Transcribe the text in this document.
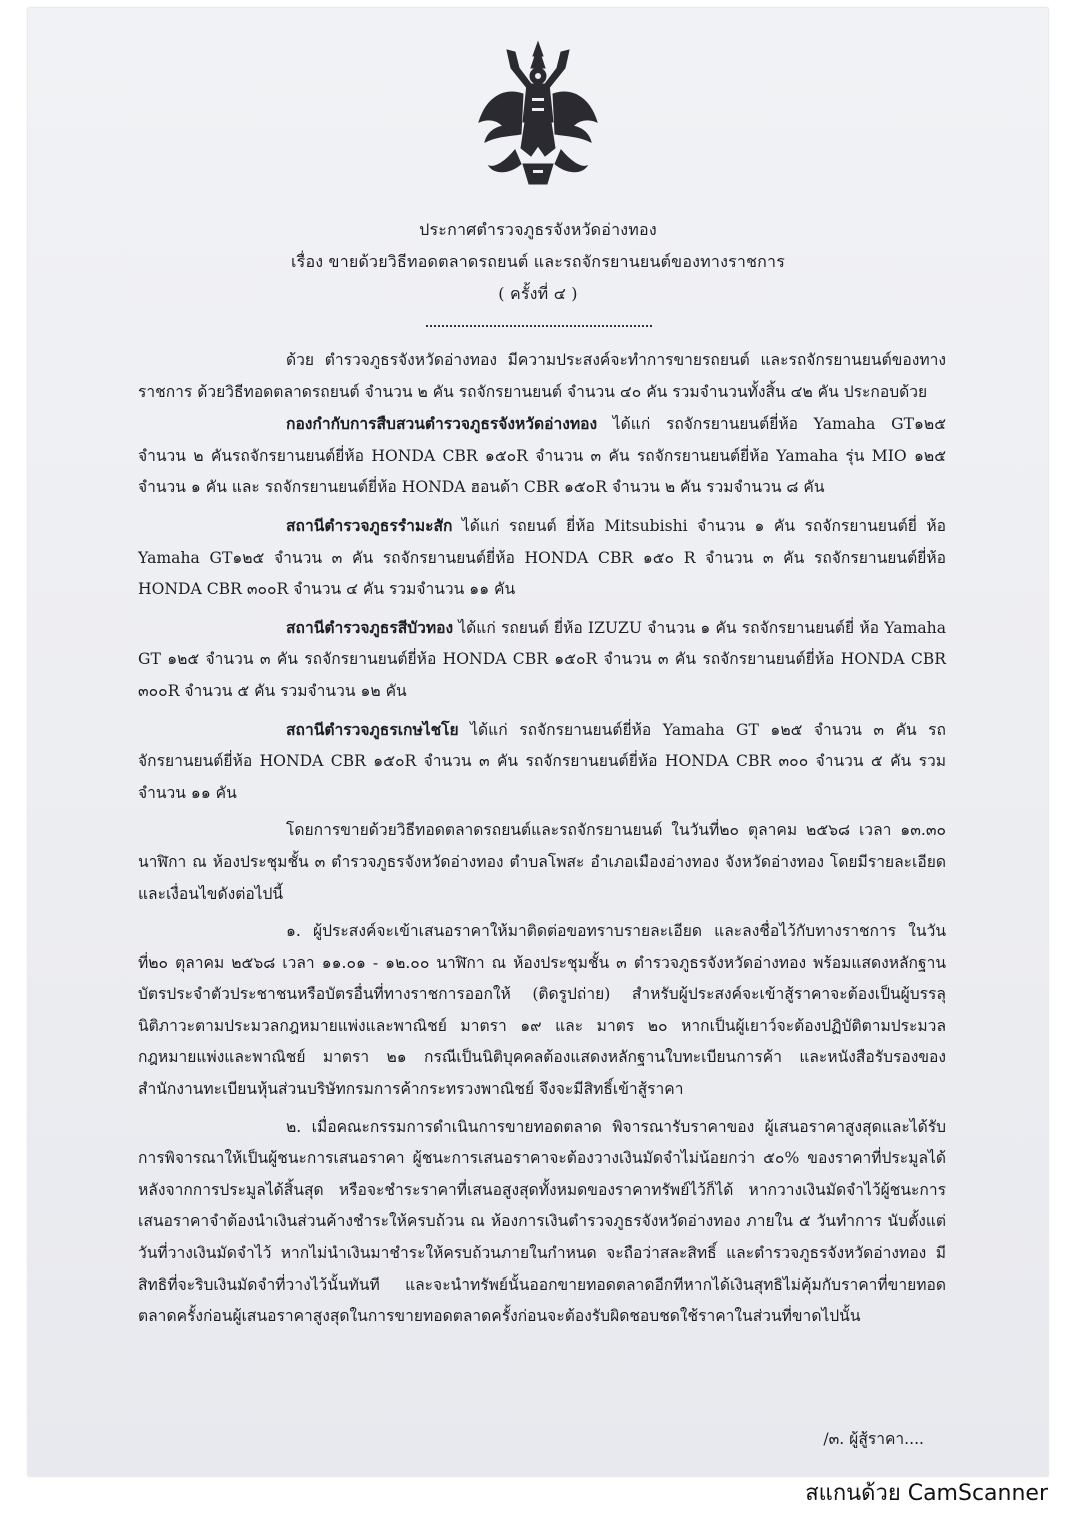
ประกาศตำรวจภูธรจังหวัดอ่างทอง
เรื่อง ขายด้วยวิธีทอดตลาดรถยนต์ และรถจักรยานยนต์ของทางราชการ
( ครั้งที่ ๔ )

ด้วย ตำรวจภูธรจังหวัดอ่างทอง มีความประสงค์จะทำการขายรถยนต์ และรถจักรยานยนต์ของทางราชการ ด้วยวิธีทอดตลาดรถยนต์ จำนวน ๒ คัน รถจักรยานยนต์ จำนวน ๔๐ คัน รวมจำนวนทั้งสิ้น ๔๒ คัน ประกอบด้วย

กองกำกับการสืบสวนตำรวจภูธรจังหวัดอ่างทอง ได้แก่ รถจักรยานยนต์ยี่ห้อ Yamaha GT๑๒๕ จำนวน ๒ คันรถจักรยานยนต์ยี่ห้อ HONDA CBR ๑๕๐R จำนวน ๓ คัน รถจักรยานยนต์ยี่ห้อ Yamaha รุ่น MIO ๑๒๕ จำนวน ๑ คัน และ รถจักรยานยนต์ยี่ห้อ HONDA ฮอนด้า CBR ๑๕๐R จำนวน ๒ คัน รวมจำนวน ๘ คัน

สถานีตำรวจภูธรรำมะสัก ได้แก่ รถยนต์ ยี่ห้อ Mitsubishi จำนวน ๑ คัน รถจักรยานยนต์ยี่ ห้อ Yamaha GT๑๒๕ จำนวน ๓ คัน รถจักรยานยนต์ยี่ห้อ HONDA CBR ๑๕๐ R จำนวน ๓ คัน รถจักรยานยนต์ยี่ห้อ HONDA CBR ๓๐๐R จำนวน ๔ คัน รวมจำนวน ๑๑ คัน

สถานีตำรวจภูธรสีบัวทอง ได้แก่ รถยนต์ ยี่ห้อ IZUZU จำนวน ๑ คัน รถจักรยานยนต์ยี่ ห้อ Yamaha GT ๑๒๕ จำนวน ๓ คัน รถจักรยานยนต์ยี่ห้อ HONDA CBR ๑๕๐R จำนวน ๓ คัน รถจักรยานยนต์ยี่ห้อ HONDA CBR ๓๐๐R จำนวน ๕ คัน รวมจำนวน ๑๒ คัน

สถานีตำรวจภูธรเกษไชโย ได้แก่ รถจักรยานยนต์ยี่ห้อ Yamaha GT ๑๒๕ จำนวน ๓ คัน รถจักรยานยนต์ยี่ห้อ HONDA CBR ๑๕๐R จำนวน ๓ คัน รถจักรยานยนต์ยี่ห้อ HONDA CBR ๓๐๐ จำนวน ๕ คัน รวมจำนวน ๑๑ คัน

โดยการขายด้วยวิธีทอดตลาดรถยนต์และรถจักรยานยนต์ ในวันที่๒๐ ตุลาคม ๒๕๖๘ เวลา ๑๓.๓๐ นาฬิกา ณ ห้องประชุมชั้น ๓ ตำรวจภูธรจังหวัดอ่างทอง ตำบลโพสะ อำเภอเมืองอ่างทอง จังหวัดอ่างทอง โดยมีรายละเอียดและเงื่อนไขดังต่อไปนี้

๑. ผู้ประสงค์จะเข้าเสนอราคาให้มาติดต่อขอทราบรายละเอียด และลงชื่อไว้กับทางราชการ ในวันที่๒๐ ตุลาคม ๒๕๖๘ เวลา ๑๑.๐๑ - ๑๒.๐๐ นาฬิกา ณ ห้องประชุมชั้น ๓ ตำรวจภูธรจังหวัดอ่างทอง พร้อมแสดงหลักฐานบัตรประจำตัวประชาชนหรือบัตรอื่นที่ทางราชการออกให้ (ติดรูปถ่าย) สำหรับผู้ประสงค์จะเข้าสู้ราคาจะต้องเป็นผู้บรรลุนิติภาวะตามประมวลกฎหมายแพ่งและพาณิชย์ มาตรา ๑๙ และ มาตร ๒๐ หากเป็นผู้เยาว์จะต้องปฏิบัติตามประมวลกฎหมายแพ่งและพาณิชย์ มาตรา ๒๑ กรณีเป็นนิติบุคคลต้องแสดงหลักฐานใบทะเบียนการค้า และหนังสือรับรองของสำนักงานทะเบียนหุ้นส่วนบริษัทกรมการค้ากระทรวงพาณิชย์ จึงจะมีสิทธิ์เข้าสู้ราคา

๒. เมื่อคณะกรรมการดำเนินการขายทอดตลาด พิจารณารับราคาของ ผู้เสนอราคาสูงสุดและได้รับการพิจารณาให้เป็นผู้ชนะการเสนอราคา ผู้ชนะการเสนอราคาจะต้องวางเงินมัดจำไม่น้อยกว่า ๕๐% ของราคาที่ประมูลได้หลังจากการประมูลได้สิ้นสุด หรือจะชำระราคาที่เสนอสูงสุดทั้งหมดของราคาทรัพย์ไว้ก็ได้ หากวางเงินมัดจำไว้ผู้ชนะการเสนอราคาจำต้องนำเงินส่วนค้างชำระให้ครบถ้วน ณ ห้องการเงินตำรวจภูธรจังหวัดอ่างทอง ภายใน ๕ วันทำการ นับตั้งแต่วันที่วางเงินมัดจำไว้ หากไม่นำเงินมาชำระให้ครบถ้วนภายในกำหนด จะถือว่าสละสิทธิ์ และตำรวจภูธรจังหวัดอ่างทอง มีสิทธิที่จะริบเงินมัดจำที่วางไว้นั้นทันที และจะนำทรัพย์นั้นออกขายทอดตลาดอีกทีหากได้เงินสุทธิไม่คุ้มกับราคาที่ขายทอดตลาดครั้งก่อนผู้เสนอราคาสูงสุดในการขายทอดตลาดครั้งก่อนจะต้องรับผิดชอบชดใช้ราคาในส่วนที่ขาดไปนั้น

/๓. ผู้สู้ราคา....
สแกนด้วย CamScanner
